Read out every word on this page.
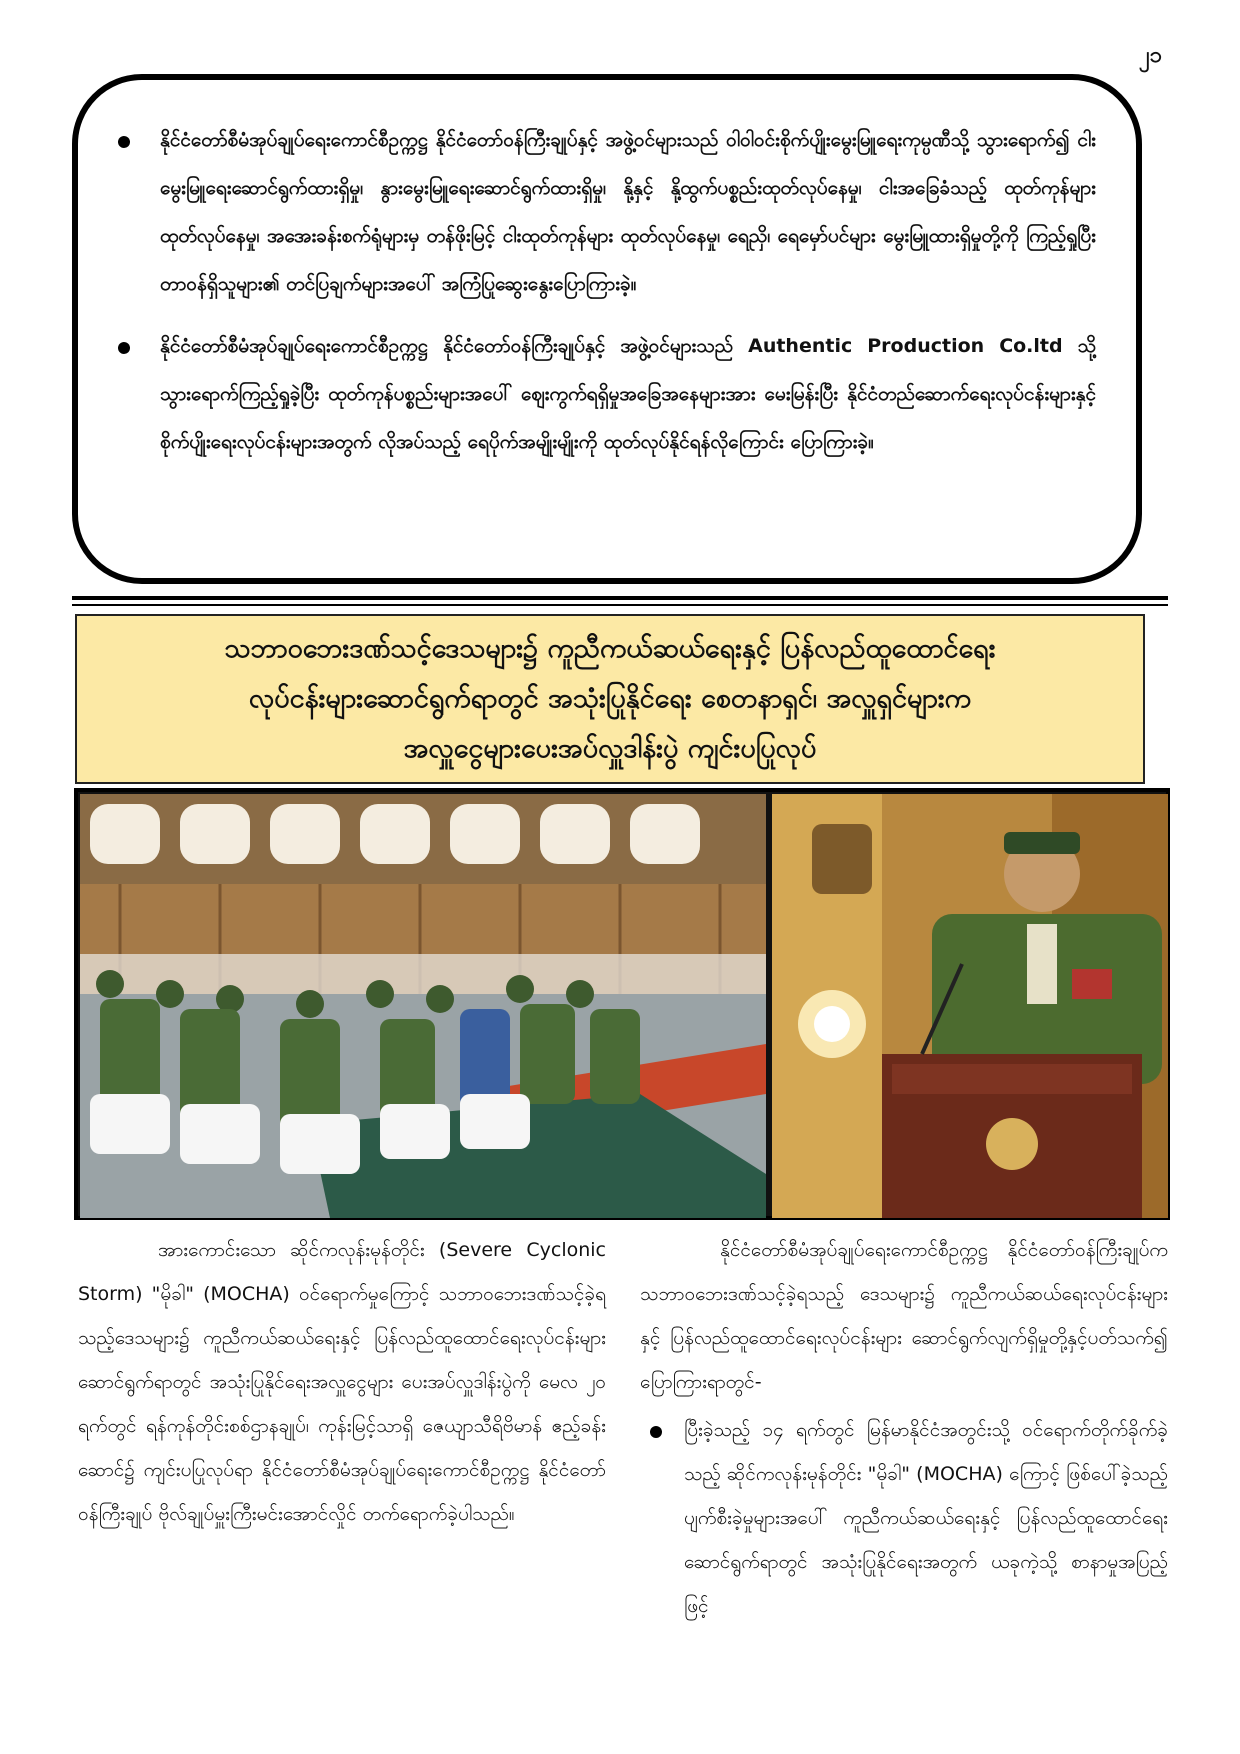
၂၁

နိုင်ငံတော်စီမံအုပ်ချုပ်ရေးကောင်စီဥက္ကဋ္ဌ နိုင်ငံတော်ဝန်ကြီးချုပ်နှင့် အဖွဲ့ဝင်များသည် ဝါဝါဝင်းစိုက်ပျိုးမွေးမြူရေးကုမ္ပဏီသို့ သွားရောက်၍ ငါးမွေးမြူရေးဆောင်ရွက်ထားရှိမှု၊ နွားမွေးမြူရေးဆောင်ရွက်ထားရှိမှု၊ နို့နှင့် နို့ထွက်ပစ္စည်းထုတ်လုပ်နေမှု၊ ငါးအခြေခံသည့် ထုတ်ကုန်များ ထုတ်လုပ်နေမှု၊ အအေးခန်းစက်ရုံများမှ တန်ဖိုးမြင့် ငါးထုတ်ကုန်များ ထုတ်လုပ်နေမှု၊ ရေညှိ၊ ရေမှော်ပင်များ မွေးမြူထားရှိမှုတို့ကို ကြည့်ရှုပြီး တာဝန်ရှိသူများ၏ တင်ပြချက်များအပေါ် အကြံပြုဆွေးနွေးပြောကြားခဲ့။

နိုင်ငံတော်စီမံအုပ်ချုပ်ရေးကောင်စီဥက္ကဋ္ဌ နိုင်ငံတော်ဝန်ကြီးချုပ်နှင့် အဖွဲ့ဝင်များသည် Authentic Production Co.ltd သို့ သွားရောက်ကြည့်ရှုခဲ့ပြီး ထုတ်ကုန်ပစ္စည်းများအပေါ် ဈေးကွက်ရရှိမှုအခြေအနေများအား မေးမြန်းပြီး နိုင်ငံတည်ဆောက်ရေးလုပ်ငန်းများနှင့် စိုက်ပျိုးရေးလုပ်ငန်းများအတွက် လိုအပ်သည့် ရေပိုက်အမျိုးမျိုးကို ထုတ်လုပ်နိုင်ရန်လိုကြောင်း ပြောကြားခဲ့။

သဘာဝဘေးဒဏ်သင့်ဒေသများ၌ ကူညီကယ်ဆယ်ရေးနှင့် ပြန်လည်ထူထောင်ရေး
လုပ်ငန်းများဆောင်ရွက်ရာတွင် အသုံးပြုနိုင်ရေး စေတနာရှင်၊ အလှူရှင်များက
အလှူငွေများပေးအပ်လှူဒါန်းပွဲ ကျင်းပပြုလုပ်

အားကောင်းသော ဆိုင်ကလုန်းမုန်တိုင်း (Severe Cyclonic Storm) "မိုခါ" (MOCHA) ဝင်ရောက်မှုကြောင့် သဘာဝဘေးဒဏ်သင့်ခဲ့ရသည့်ဒေသများ၌ ကူညီကယ်ဆယ်ရေးနှင့် ပြန်လည်ထူထောင်ရေးလုပ်ငန်းများ ဆောင်ရွက်ရာတွင် အသုံးပြုနိုင်ရေးအလှူငွေများ ပေးအပ်လှူဒါန်းပွဲကို မေလ ၂၀ ရက်တွင် ရန်ကုန်တိုင်းစစ်ဌာနချုပ်၊ ကုန်းမြင့်သာရှိ ဇေယျာသီရိဗိမာန် ဧည့်ခန်းဆောင်၌ ကျင်းပပြုလုပ်ရာ နိုင်ငံတော်စီမံအုပ်ချုပ်ရေးကောင်စီဥက္ကဋ္ဌ နိုင်ငံတော်ဝန်ကြီးချုပ် ဗိုလ်ချုပ်မှူးကြီးမင်းအောင်လှိုင် တက်ရောက်ခဲ့ပါသည်။

နိုင်ငံတော်စီမံအုပ်ချုပ်ရေးကောင်စီဥက္ကဋ္ဌ နိုင်ငံတော်ဝန်ကြီးချုပ်က သဘာဝဘေးဒဏ်သင့်ခဲ့ရသည့် ဒေသများ၌ ကူညီကယ်ဆယ်ရေးလုပ်ငန်းများနှင့် ပြန်လည်ထူထောင်ရေးလုပ်ငန်းများ ဆောင်ရွက်လျက်ရှိမှုတို့နှင့်ပတ်သက်၍ ပြောကြားရာတွင်-

ပြီးခဲ့သည့် ၁၄ ရက်တွင် မြန်မာနိုင်ငံအတွင်းသို့ ဝင်ရောက်တိုက်ခိုက်ခဲ့သည့် ဆိုင်ကလုန်းမုန်တိုင်း "မိုခါ" (MOCHA) ကြောင့် ဖြစ်ပေါ်ခဲ့သည့် ပျက်စီးခဲ့မှုများအပေါ် ကူညီကယ်ဆယ်ရေးနှင့် ပြန်လည်ထူထောင်ရေးဆောင်ရွက်ရာတွင် အသုံးပြုနိုင်ရေးအတွက် ယခုကဲ့သို့ စာနာမှုအပြည့်ဖြင့်
